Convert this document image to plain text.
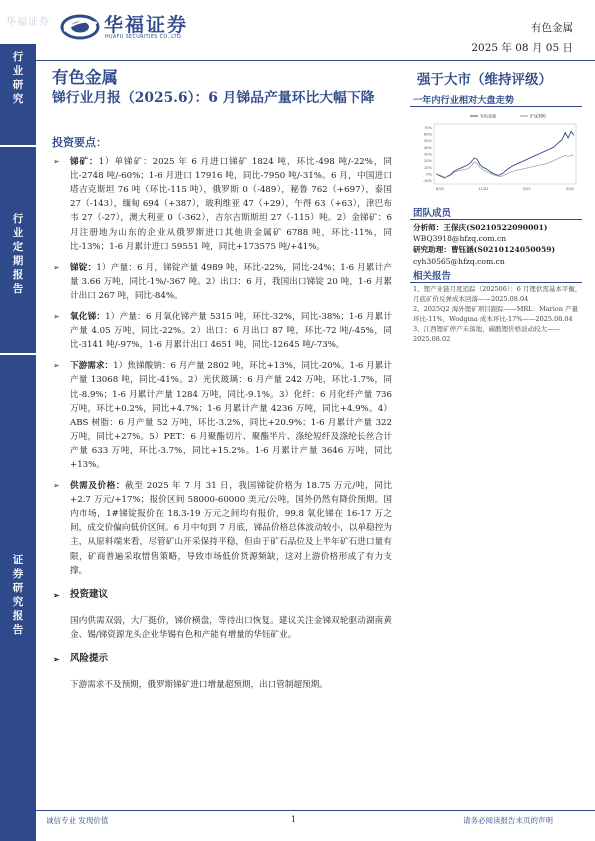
华福证券
行
业
研
究
行
业
定
期
报
告
证
券
研
究
报
告
华福证券
HUAFU SECURITIES CO.,LTD.
有色金属
2025 年 08 月 05 日
有色金属
锑行业月报（2025.6）：6 月锑品产量环比大幅下降
强于大市（维持评级）
投资要点：
➢ 锑矿：1）单锑矿：2025 年 6 月进口锑矿 1824 吨，环比-498 吨/-22%，同比-2748 吨/-60%；1-6 月进口 17916 吨，同比-7950 吨/-31%。6 月，中国进口塔吉克斯坦 76 吨（环比-115 吨），俄罗斯 0（-489），秘鲁 762（+697），泰国 27（-143），缅甸 694（+387），玻利维亚 47（+29），午得 63（+63），津巴布韦 27（-27），澳大利亚 0（-362），吉尔吉斯斯坦 27（-115）吨。2）金锑矿：6 月注册地为山东的企业从俄罗斯进口其他贵金属矿 6788 吨，环比-11%，同比-13%；1-6 月累计进口 59551 吨，同比+173575 吨/+41%。
➢ 锑锭：1）产量：6 月，锑锭产量 4989 吨，环比-22%，同比-24%；1-6 月累计产量 3.66 万吨，同比-1%/-367 吨。2）出口：6 月，我国出口锑锭 20 吨，1-6 月累计出口 267 吨，同比-84%。
➢ 氧化锑：1）产量：6 月氧化锑产量 5315 吨，环比-32%，同比-38%；1-6 月累计产量 4.05 万吨，同比-22%。2）出口：6 月出口 87 吨，环比-72 吨/-45%，同比-3141 吨/-97%，1-6 月累计出口 4651 吨，同比-12645 吨/-73%。
➢ 下游需求：1）焦锑酸钠：6 月产量 2802 吨，环比+13%，同比-20%。1-6 月累计产量 13068 吨，同比-41%。2）光伏玻璃：6 月产量 242 万吨，环比-1.7%，同比-8.9%；1-6 月累计产量 1284 万吨，同比-9.1%。3）化纤：6 月化纤产量 736 万吨，环比+0.2%，同比+4.7%；1-6 月累计产量 4236 万吨，同比+4.9%。4）ABS 树脂：6 月产量 52 万吨，环比-3.2%，同比+20.9%；1-6 月累计产量 322 万吨，同比+27%。5）PET：6 月聚酯切片、聚酯半片、涤纶短纤及涤纶长丝合计产量 633 万吨，环比-3.7%，同比+15.2%。1-6 月累计产量 3646 万吨，同比+13%。
➢ 供需及价格：截至 2025 年 7 月 31 日，我国锑锭价格为 18.75 万元/吨，同比+2.7 万元/+17%；报价区间 58000-60000 美元/公吨，国外仍然有降价预期。国内市场，1#锑锭报价在 18.3-19 万元之间均有报价，99.8 氧化锑在 16-17 万之间，成交价偏向低价区间。6 月中旬到 7 月底，锑品价格总体波动较小，以单稳控为主，从原料端来看，尽管矿山开采保持平稳，但由于矿石品位及上半年矿石进口量有限，矿商普遍采取惜售策略，导致市场低价货源频缺，这对上游价格形成了有力支撑。
➢ 投资建议
国内供需双弱，大厂挺价，锑价横盘，等待出口恢复。建议关注金锑双轮驱动湖南黄金、锡/锑资源龙头企业华锡有色和产能有增量的华钰矿业。
➢ 风险提示
下游需求不及预期，俄罗斯锑矿进口增量超预期，出口管制超预期。
一年内行业相对大盘走势
-10%
0%
10%
20%
30%
40%
50%
60%
70%
8/02	11/02	2/02	5/02
有色金属	沪深300
团队成员
分析师：王保庆(S0210522090001)
WBQ3918@hfzq.com.cn
研究助理：曹钰涵(S0210124050059)
cyh30565@hfzq.com.cn
相关报告
1、锂产业链月度追踪（202506）：6 月锂供需基本平衡，月底矿价反弹成本回落——2025.08.04
2、2025Q2 海外锂矿项目跟踪——MRL：Marion 产量环比-11%，Wodgina 成本环比-17%——2025.08.04
3、江西锂矿停产未落地，碳酸锂价格波动较大——2025.08.02
诚信专业 发现价值	1	请务必阅读报告末页的声明
